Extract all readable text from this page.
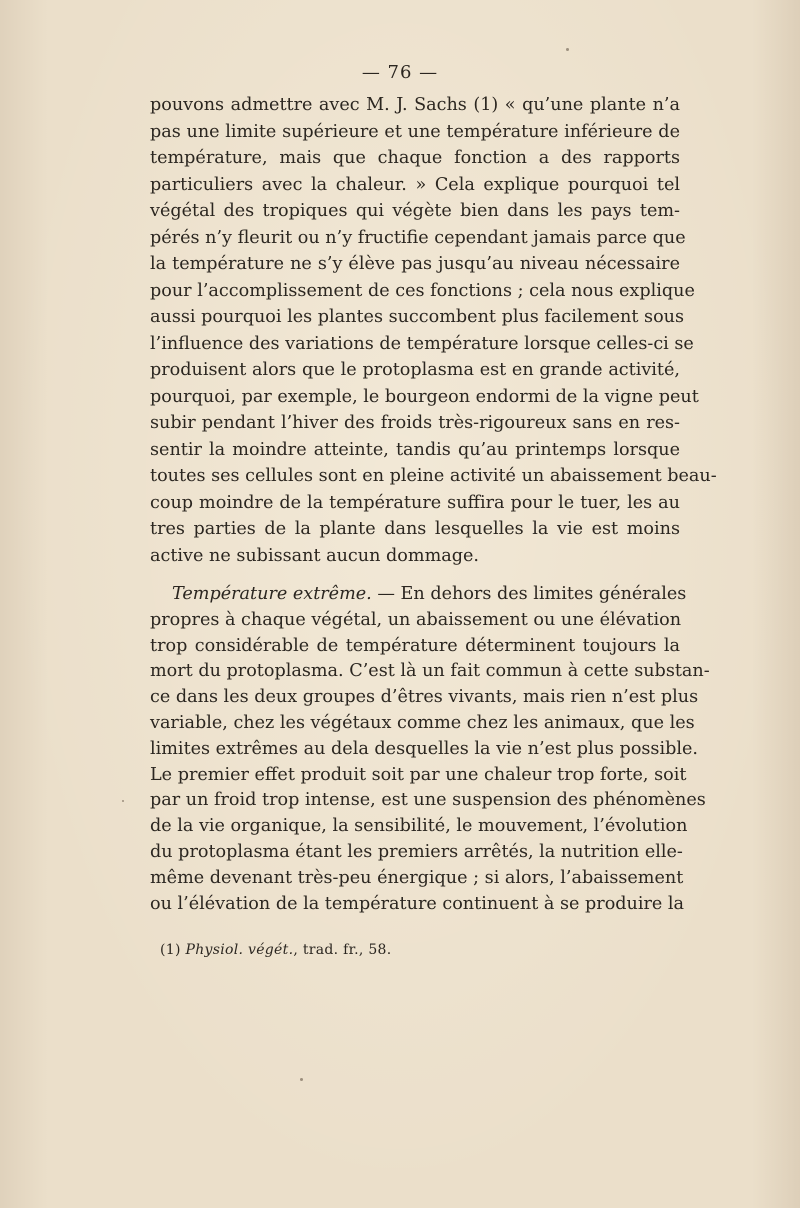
— 76 —
pouvons admettre avec M. J. Sachs (1) « qu’une plante n’a
pas une limite supérieure et une température inférieure de
température, mais que chaque fonction a des rapports
particuliers avec la chaleur. » Cela explique pourquoi tel
végétal des tropiques qui végète bien dans les pays tem-
pérés n’y fleurit ou n’y fructifie cependant jamais parce que
la température ne s’y élève pas jusqu’au niveau nécessaire
pour l’accomplissement de ces fonctions ; cela nous explique
aussi pourquoi les plantes succombent plus facilement sous
l’influence des variations de température lorsque celles-ci se
produisent alors que le protoplasma est en grande activité,
pourquoi, par exemple, le bourgeon endormi de la vigne peut
subir pendant l’hiver des froids très-rigoureux sans en res-
sentir la moindre atteinte, tandis qu’au printemps lorsque
toutes ses cellules sont en pleine activité un abaissement beau-
coup moindre de la température suffira pour le tuer, les au
tres parties de la plante dans lesquelles la vie est moins
active ne subissant aucun dommage.
Température extrême. — En dehors des limites générales
propres à chaque végétal, un abaissement ou une élévation
trop considérable de température déterminent toujours la
mort du protoplasma. C’est là un fait commun à cette substan-
ce dans les deux groupes d’êtres vivants, mais rien n’est plus
variable, chez les végétaux comme chez les animaux, que les
limites extrêmes au dela desquelles la vie n’est plus possible.
Le premier effet produit soit par une chaleur trop forte, soit
par un froid trop intense, est une suspension des phénomènes
de la vie organique, la sensibilité, le mouvement, l’évolution
du protoplasma étant les premiers arrêtés, la nutrition elle-
même devenant très-peu énergique ; si alors, l’abaissement
ou l’élévation de la température continuent à se produire la
(1) Physiol. végét., trad. fr., 58.
